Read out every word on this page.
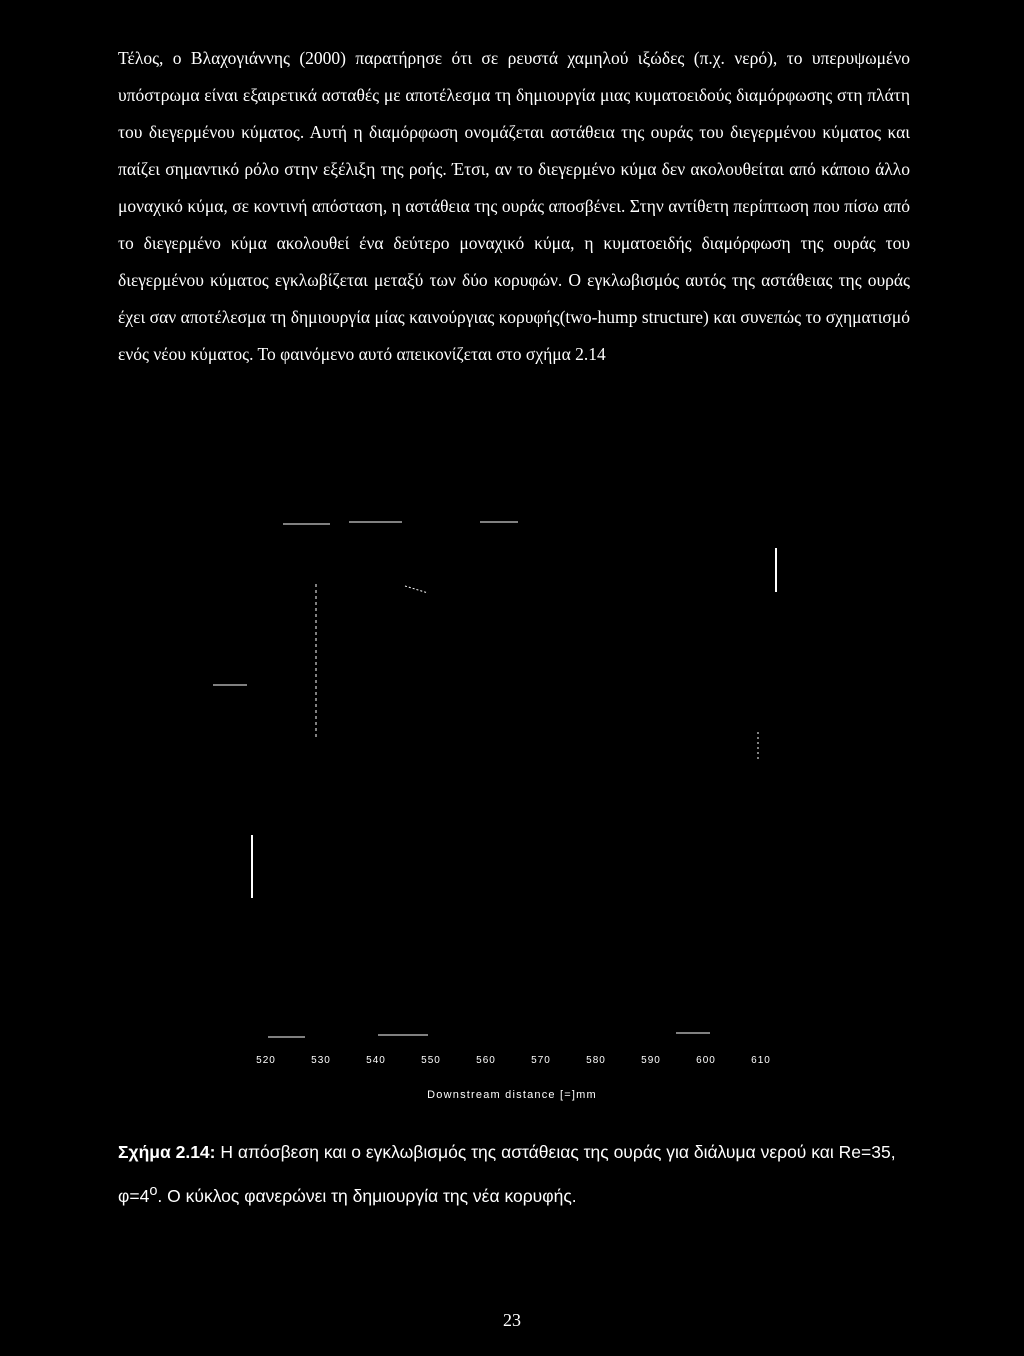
Τέλος, ο Βλαχογιάννης (2000) παρατήρησε ότι σε ρευστά χαμηλού ιξώδες (π.χ. νερό), το υπερυψωμένο υπόστρωμα είναι εξαιρετικά ασταθές με αποτέλεσμα τη δημιουργία μιας κυματοειδούς διαμόρφωσης στη πλάτη του διεγερμένου κύματος. Αυτή η διαμόρφωση ονομάζεται αστάθεια της ουράς του διεγερμένου κύματος και παίζει σημαντικό ρόλο στην εξέλιξη της ροής. Έτσι, αν το διεγερμένο κύμα δεν ακολουθείται από κάποιο άλλο μοναχικό κύμα, σε κοντινή απόσταση, η αστάθεια της ουράς αποσβένει. Στην αντίθετη περίπτωση που πίσω από το διεγερμένο κύμα ακολουθεί ένα δεύτερο μοναχικό κύμα, η κυματοειδής διαμόρφωση της ουράς του διεγερμένου κύματος εγκλωβίζεται μεταξύ των δύο κορυφών. Ο εγκλωβισμός αυτός της αστάθειας της ουράς έχει σαν αποτέλεσμα τη δημιουργία μίας καινούργιας κορυφής(two-hump structure) και συνεπώς το σχηματισμό ενός νέου κύματος. Το φαινόμενο αυτό απεικονίζεται στο σχήμα 2.14

520	530	540	550	560	570	580	590	600	610
Downstream distance [=]mm

Σχήμα 2.14: Η απόσβεση και ο εγκλωβισμός της αστάθειας της ουράς για διάλυμα νερού και Re=35, $\varphi=4^o$. Ο κύκλος φανερώνει τη δημιουργία της νέα κορυφής.

23
